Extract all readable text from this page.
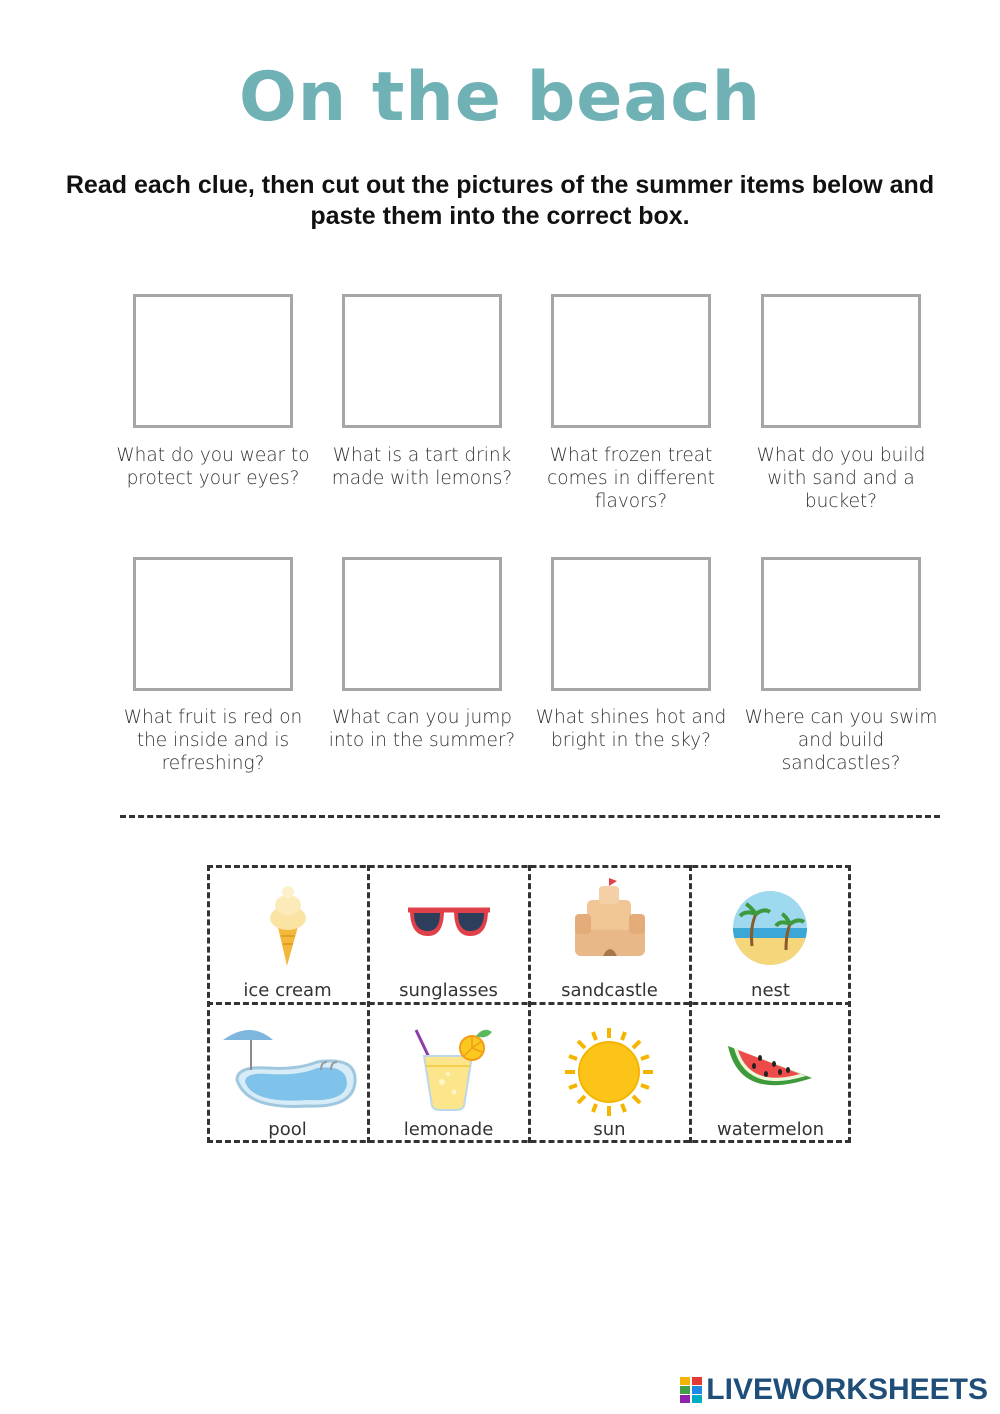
On the beach
Read each clue, then cut out the pictures of the summer items below and paste them into the correct box.
What do you wear to protect your eyes?
What is a tart drink made with lemons?
What frozen treat comes in different flavors?
What do you build with sand and a bucket?
What fruit is red on the inside and is refreshing?
What can you jump into in the summer?
What shines hot and bright in the sky?
Where can you swim and build sandcastles?
ice cream	sunglasses	sandcastle	nest
pool	lemonade	sun	watermelon
LIVEWORKSHEETS
